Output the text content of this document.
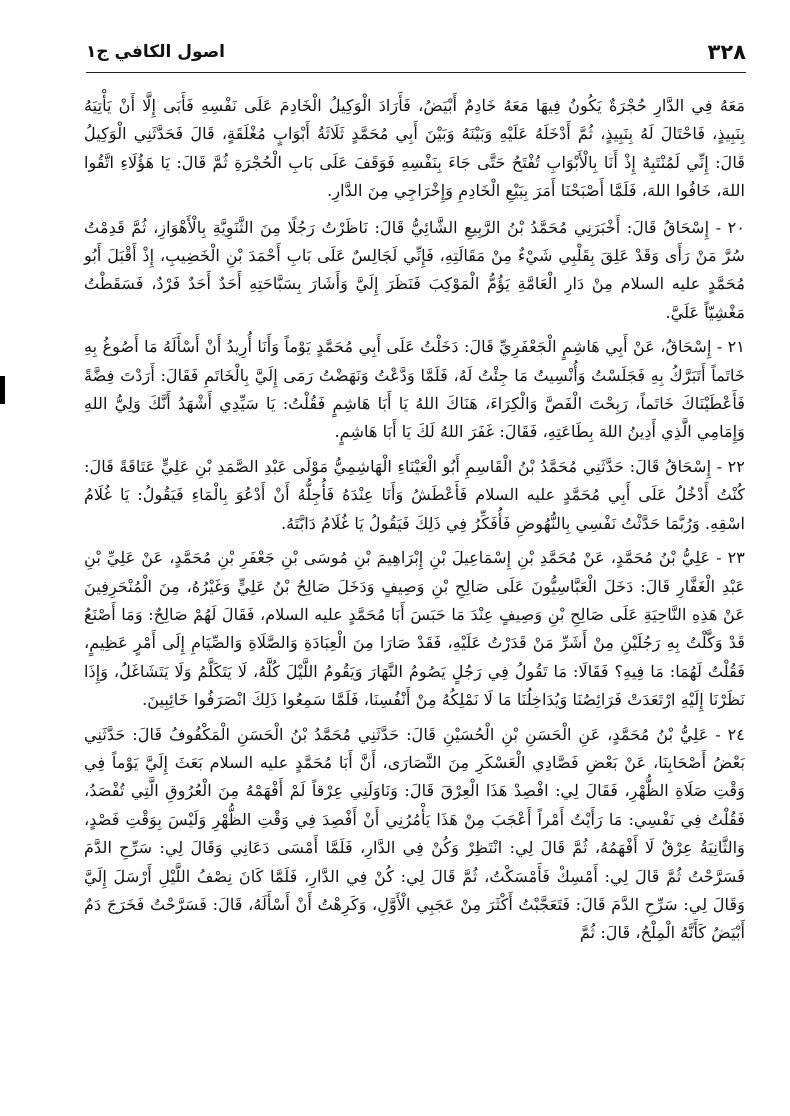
اصول الكافي ج١	٣٢٨

مَعَهُ فِي الدَّارِ حُجْرَةٌ يَكُونُ فِيهَا مَعَهُ خَادِمٌ أَبْيَضُ، فَأَرَادَ الْوَكِيلُ الْخَادِمَ عَلَى نَفْسِهِ فَأَبَى إِلَّا أَنْ يَأْتِيَهُ بِنَبِيذٍ، فَاحْتَالَ لَهُ بِنَبِيذٍ، ثُمَّ أَدْخَلَهُ عَلَيْهِ وَبَيْنَهُ وَبَيْنَ أَبِي مُحَمَّدٍ ثَلَاثَةُ أَبْوَابٍ مُغْلَقَةٍ، قَالَ فَحَدَّثَنِي الْوَكِيلُ قَالَ: إِنِّي لَمُنْتَبِهٌ إِذْ أَنَا بِالْأَبْوَابِ تُفْتَحُ حَتَّى جَاءَ بِنَفْسِهِ فَوَقَفَ عَلَى بَابِ الْحُجْرَةِ ثُمَّ قَالَ: يَا هَؤُلَاءِ اتَّقُوا اللهَ، خَافُوا اللهَ، فَلَمَّا أَصْبَحْنَا أَمَرَ بِبَيْعِ الْخَادِمِ وَإِخْرَاجِي مِنَ الدَّارِ.

٢٠ - إِسْحَاقُ قَالَ: أَخْبَرَنِي مُحَمَّدُ بْنُ الرَّبِيعِ الشَّائِيُّ قَالَ: نَاظَرْتُ رَجُلًا مِنَ الثَّنَوِيَّةِ بِالْأَهْوَازِ، ثُمَّ قَدِمْتُ سُرَّ مَنْ رَأَى وَقَدْ عَلِقَ بِقَلْبِي شَيْءٌ مِنْ مَقَالَتِهِ، فَإِنِّي لَجَالِسٌ عَلَى بَابِ أَحْمَدَ بْنِ الْخَضِيبِ، إِذْ أَقْبَلَ أَبُو مُحَمَّدٍ عليه السلام مِنْ دَارِ الْعَامَّةِ يَؤُمُّ الْمَوْكِبَ فَنَظَرَ إِلَيَّ وَأَشَارَ بِسَبَّاحَتِهِ أَحَدٌ أَحَدٌ فَرْدٌ، فَسَقَطْتُ مَغْشِيّاً عَلَيَّ.

٢١ - إِسْحَاقُ، عَنْ أَبِي هَاشِمٍ الْجَعْفَرِيِّ قَالَ: دَخَلْتُ عَلَى أَبِي مُحَمَّدٍ يَوْماً وَأَنَا أُرِيدُ أَنْ أَسْأَلَهُ مَا أَصُوغُ بِهِ خَاتَماً أَتَبَرَّكُ بِهِ فَجَلَسْتُ وَأُنْسِيتُ مَا جِئْتُ لَهُ، فَلَمَّا وَدَّعْتُ وَنَهَضْتُ رَمَى إِلَيَّ بِالْخَاتَمِ فَقَالَ: أَرَدْتَ فِضَّةً فَأَعْطَيْنَاكَ خَاتَماً، رَبِحْتَ الْفَصَّ وَالْكِرَاءَ، هَنَاكَ اللهُ يَا أَبَا هَاشِمٍ فَقُلْتُ: يَا سَيِّدِي أَشْهَدُ أَنَّكَ وَلِيُّ اللهِ وَإِمَامِي الَّذِي أَدِينُ اللهَ بِطَاعَتِهِ، فَقَالَ: غَفَرَ اللهُ لَكَ يَا أَبَا هَاشِمٍ.

٢٢ - إِسْحَاقُ قَالَ: حَدَّثَنِي مُحَمَّدُ بْنُ الْقَاسِمِ أَبُو الْعَيْنَاءِ الْهَاشِمِيُّ مَوْلَى عَبْدِ الصَّمَدِ بْنِ عَلِيٍّ عَتَاقَةً قَالَ: كُنْتُ أَدْخُلُ عَلَى أَبِي مُحَمَّدٍ عليه السلام فَأَعْطَشُ وَأَنَا عِنْدَهُ فَأُجِلُّهُ أَنْ أَدْعُوَ بِالْمَاءِ فَيَقُولُ: يَا غُلَامُ اسْقِهِ. وَرُبَّمَا حَدَّثْتُ نَفْسِي بِالنُّهُوضِ فَأُفَكِّرُ فِي ذَلِكَ فَيَقُولُ يَا غُلَامُ دَابَّتَهُ.

٢٣ - عَلِيُّ بْنُ مُحَمَّدٍ، عَنْ مُحَمَّدِ بْنِ إِسْمَاعِيلَ بْنِ إِبْرَاهِيمَ بْنِ مُوسَى بْنِ جَعْفَرِ بْنِ مُحَمَّدٍ، عَنْ عَلِيِّ بْنِ عَبْدِ الْغَفَّارِ قَالَ: دَخَلَ الْعَبَّاسِيُّونَ عَلَى صَالِحِ بْنِ وَصِيفٍ وَدَخَلَ صَالِحُ بْنُ عَلِيٍّ وَغَيْرُهُ، مِنَ الْمُنْحَرِفِينَ عَنْ هَذِهِ النَّاحِيَةِ عَلَى صَالِحِ بْنِ وَصِيفٍ عِنْدَ مَا حَبَسَ أَبَا مُحَمَّدٍ عليه السلام، فَقَالَ لَهُمْ صَالِحٌ: وَمَا أَصْنَعُ قَدْ وَكَّلْتُ بِهِ رَجُلَيْنِ مِنْ أَشَرِّ مَنْ قَدَرْتُ عَلَيْهِ، فَقَدْ صَارَا مِنَ الْعِبَادَةِ وَالصَّلَاةِ وَالصِّيَامِ إِلَى أَمْرٍ عَظِيمٍ، فَقُلْتُ لَهُمَا: مَا فِيهِ؟ فَقَالَا: مَا تَقُولُ فِي رَجُلٍ يَصُومُ النَّهَارَ وَيَقُومُ اللَّيْلَ كُلَّهُ، لَا يَتَكَلَّمُ وَلَا يَتَشَاغَلُ، وَإِذَا نَظَرْنَا إِلَيْهِ ارْتَعَدَتْ فَرَائِصُنَا وَيُدَاخِلُنَا مَا لَا نَمْلِكُهُ مِنْ أَنْفُسِنَا، فَلَمَّا سَمِعُوا ذَلِكَ انْصَرَفُوا خَائِبِينَ.

٢٤ - عَلِيُّ بْنُ مُحَمَّدٍ، عَنِ الْحَسَنِ بْنِ الْحُسَيْنِ قَالَ: حَدَّثَنِي مُحَمَّدُ بْنُ الْحَسَنِ الْمَكْفُوفُ قَالَ: حَدَّثَنِي بَعْضُ أَصْحَابِنَا، عَنْ بَعْضِ فَصَّادِي الْعَسْكَرِ مِنَ النَّصَارَى، أَنَّ أَبَا مُحَمَّدٍ عليه السلام بَعَثَ إِلَيَّ يَوْماً فِي وَقْتِ صَلَاةِ الظُّهْرِ، فَقَالَ لِي: افْصِدْ هَذَا الْعِرْقَ قَالَ: وَنَاوَلَنِي عِرْقاً لَمْ أَفْهَمْهُ مِنَ الْعُرُوقِ الَّتِي تُفْصَدُ، فَقُلْتُ فِي نَفْسِي: مَا رَأَيْتُ أَمْراً أَعْجَبَ مِنْ هَذَا يَأْمُرُنِي أَنْ أَفْصِدَ فِي وَقْتِ الظُّهْرِ وَلَيْسَ بِوَقْتِ فَصْدٍ، وَالثَّانِيَةُ عِرْقٌ لَا أَفْهَمُهُ، ثُمَّ قَالَ لِي: انْتَظِرْ وَكُنْ فِي الدَّارِ، فَلَمَّا أَمْسَى دَعَانِي وَقَالَ لِي: سَرِّحِ الدَّمَ فَسَرَّحْتُ ثُمَّ قَالَ لِي: أَمْسِكْ فَأَمْسَكْتُ، ثُمَّ قَالَ لِي: كُنْ فِي الدَّارِ، فَلَمَّا كَانَ نِصْفُ اللَّيْلِ أَرْسَلَ إِلَيَّ وَقَالَ لِي: سَرِّحِ الدَّمَ قَالَ: فَتَعَجَّبْتُ أَكْثَرَ مِنْ عَجَبِي الْأَوَّلِ، وَكَرِهْتُ أَنْ أَسْأَلَهُ، قَالَ: فَسَرَّحْتُ فَخَرَجَ دَمٌ أَبْيَضُ كَأَنَّهُ الْمِلْحُ، قَالَ: ثُمَّ
